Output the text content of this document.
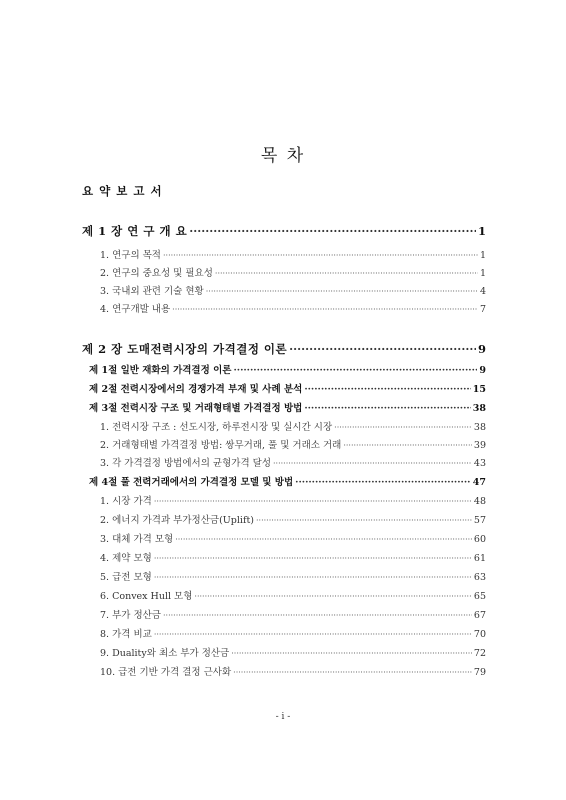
목 차
요 약 보 고 서
제 1 장 연 구 개 요 ·····	1
1. 연구의 목적 ·····	1
2. 연구의 중요성 및 필요성 ·····	1
3. 국내외 관련 기술 현황 ·····	4
4. 연구개발 내용 ·····	7
제 2 장 도매전력시장의 가격결정 이론 ·····	9
제 1절 일반 재화의 가격결정 이론 ·····	9
제 2절 전력시장에서의 경쟁가격 부재 및 사례 분석 ·····	15
제 3절 전력시장 구조 및 거래형태별 가격결정 방법 ·····	38
1. 전력시장 구조 : 선도시장, 하루전시장 및 실시간 시장 ·····	38
2. 거래형태별 가격결정 방법: 쌍무거래, 풀 및 거래소 거래 ·····	39
3. 각 가격결정 방법에서의 균형가격 달성 ·····	43
제 4절 풀 전력거래에서의 가격결정 모델 및 방법 ·····	47
1. 시장 가격 ·····	48
2. 에너지 가격과 부가정산금(Uplift) ·····	57
3. 대체 가격 모형 ·····	60
4. 제약 모형 ·····	61
5. 급전 모형 ·····	63
6. Convex Hull 모형 ·····	65
7. 부가 정산금 ·····	67
8. 가격 비교 ·····	70
9. Duality와 최소 부가 정산금 ·····	72
10. 급전 기반 가격 결정 근사화 ·····	79
- i -
